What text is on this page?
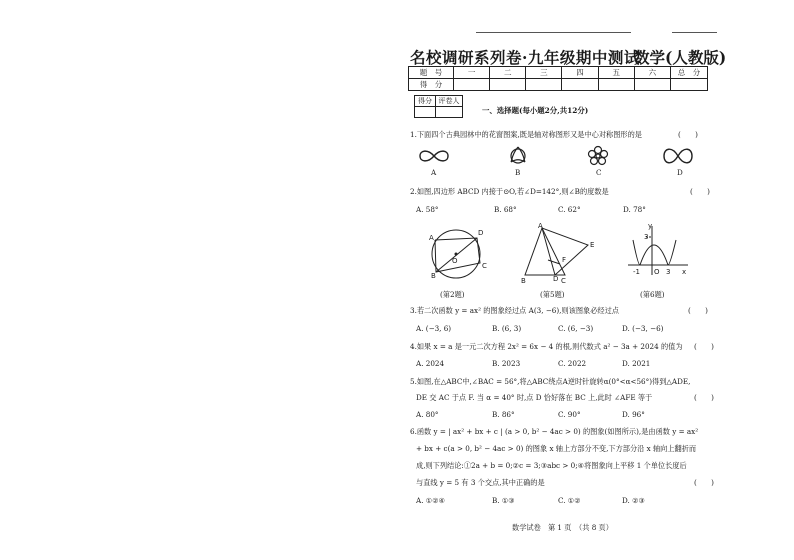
名校调研系列卷·九年级期中测试
数学(人教版)
题　号	一	二	三	四	五	六	总　分
得　分							
得分	评卷人

一、选择题(每小题2分,共12分)
1.下面四个古典园林中的花窗图案,既是轴对称图形又是中心对称图形的是	(　　)
A	B	C	D
2.如图,四边形 ABCD 内接于⊙O,若∠D=142°,则∠B的度数是	(　　)
A. 58°	B. 68°	C. 62°	D. 78°
A
B
C
D
O
A
B	C
D
E
F
y
3
-1 O 3 x
(第2题)	(第5题)	(第6题)
3.若二次函数 y = ax² 的图象经过点 A(3, −6),则该图象必经过点	(　　)
A. (−3, 6)	B. (6, 3)	C. (6, −3)	D. (−3, −6)
4.如果 x = a 是一元二次方程 2x² = 6x − 4 的根,则代数式 a² − 3a + 2024 的值为 (　　)
A. 2024	B. 2023	C. 2022	D. 2021
5.如图,在△ABC中,∠BAC = 56°,将△ABC绕点A逆时针旋转α(0°<α<56°)得到△ADE,
DE 交 AC 于点 F. 当 α = 40° 时,点 D 恰好落在 BC 上,此时 ∠AFE 等于	(　　)
A. 80°	B. 86°	C. 90°	D. 96°
6.函数 y = | ax² + bx + c | (a > 0, b² − 4ac > 0) 的图象(如图所示),是由函数 y = ax²
+ bx + c(a > 0, b² − 4ac > 0) 的图象 x 轴上方部分不变,下方部分沿 x 轴向上翻折而
成,则下列结论:①2a + b = 0;②c = 3;③abc > 0;④将图象向上平移 1 个单位长度后
与直线 y = 5 有 3 个交点,其中正确的是	(　　)
A. ①②④	B. ①③	C. ①②	D. ②③
数学试卷　第 1 页　（共 8 页）
